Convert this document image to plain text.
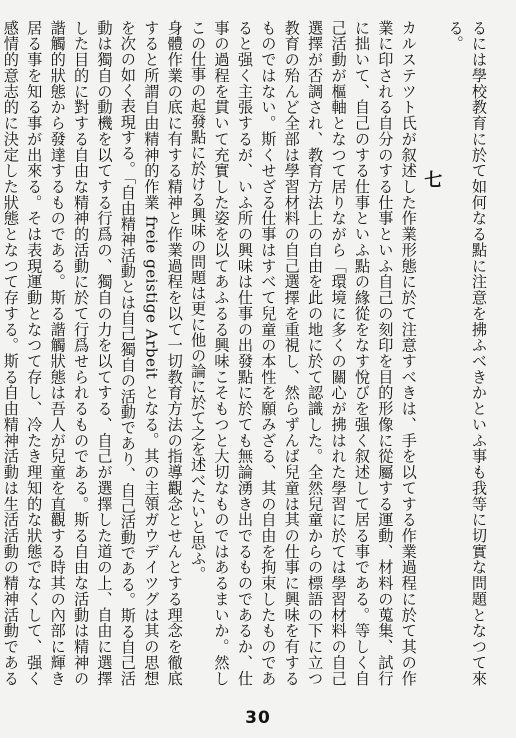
るには學校教育に於て如何なる點に注意を拂ふべきかといふ事も我等に切實な問題となつて來る。

七

カルステツト氏が叙述した作業形態に於て注意すべきは、手を以てする作業過程に於て其の作業に印される自分のする仕事といふ自己の刻印を目的形像に從屬する運動、材料の蒐集、試行に拙いて、自己のする仕事といふ點の緣從をなす悅びを强く叙述して居る事である。等しく自己活動が樞軸となつて居りながら「環境に多くの關心が拂はれた學習に於ては學習材料の自己選擇が否調され、教育方法上の自由を此の地に於て認識した。全然兒童からの標語の下に立つ教育の殆んど全部は學習材料の自己選擇を重視し、然らずんば兒童は其の仕事に興味を有するものではない。斯くせざる仕事はすべて兒童の本性を願みざる、其の自由を拘束したものであると强く主張するが、いふ所の興味は仕事の出發點に於ても無論湧き出でるものであるか、仕事の過程を貫いて充實した姿を以てあふるる興味こそもつと大切なものではあるまいか。然しこの仕事の起發點に於ける興味の問題は更に他の論に於て之を述べたいと思ふ。

身體作業の底に有する精神と作業過程を以て一切教育方法の指導觀念とせんとする理念を徹底すると所謂自由精神的作業 freie geistige Arbeit となる。其の主領ガウデイツグは其の思想を次の如く表現する。「自由精神活動とは自己獨自の活動であり、自己活動である。斯る自己活動は獨自の動機を以てする行爲の、獨自の力を以てする、自己が選擇した道の上、自由に選擇した目的に對する自由な精神的活動に於て行爲せられるものである。斯る自由な活動は精神の諧觸的狀態から發達するものである。斯る諧觸狀態は吾人が兒童を直觀する時其の內部に輝き居る事を知る事が出來る。そは表現運動となつて存し、冷たき理知的な狀態でなくして、强く感情的意志的に決定した狀態となつて存する。斯る自由精神活動は生活活動の精神活動である

30
